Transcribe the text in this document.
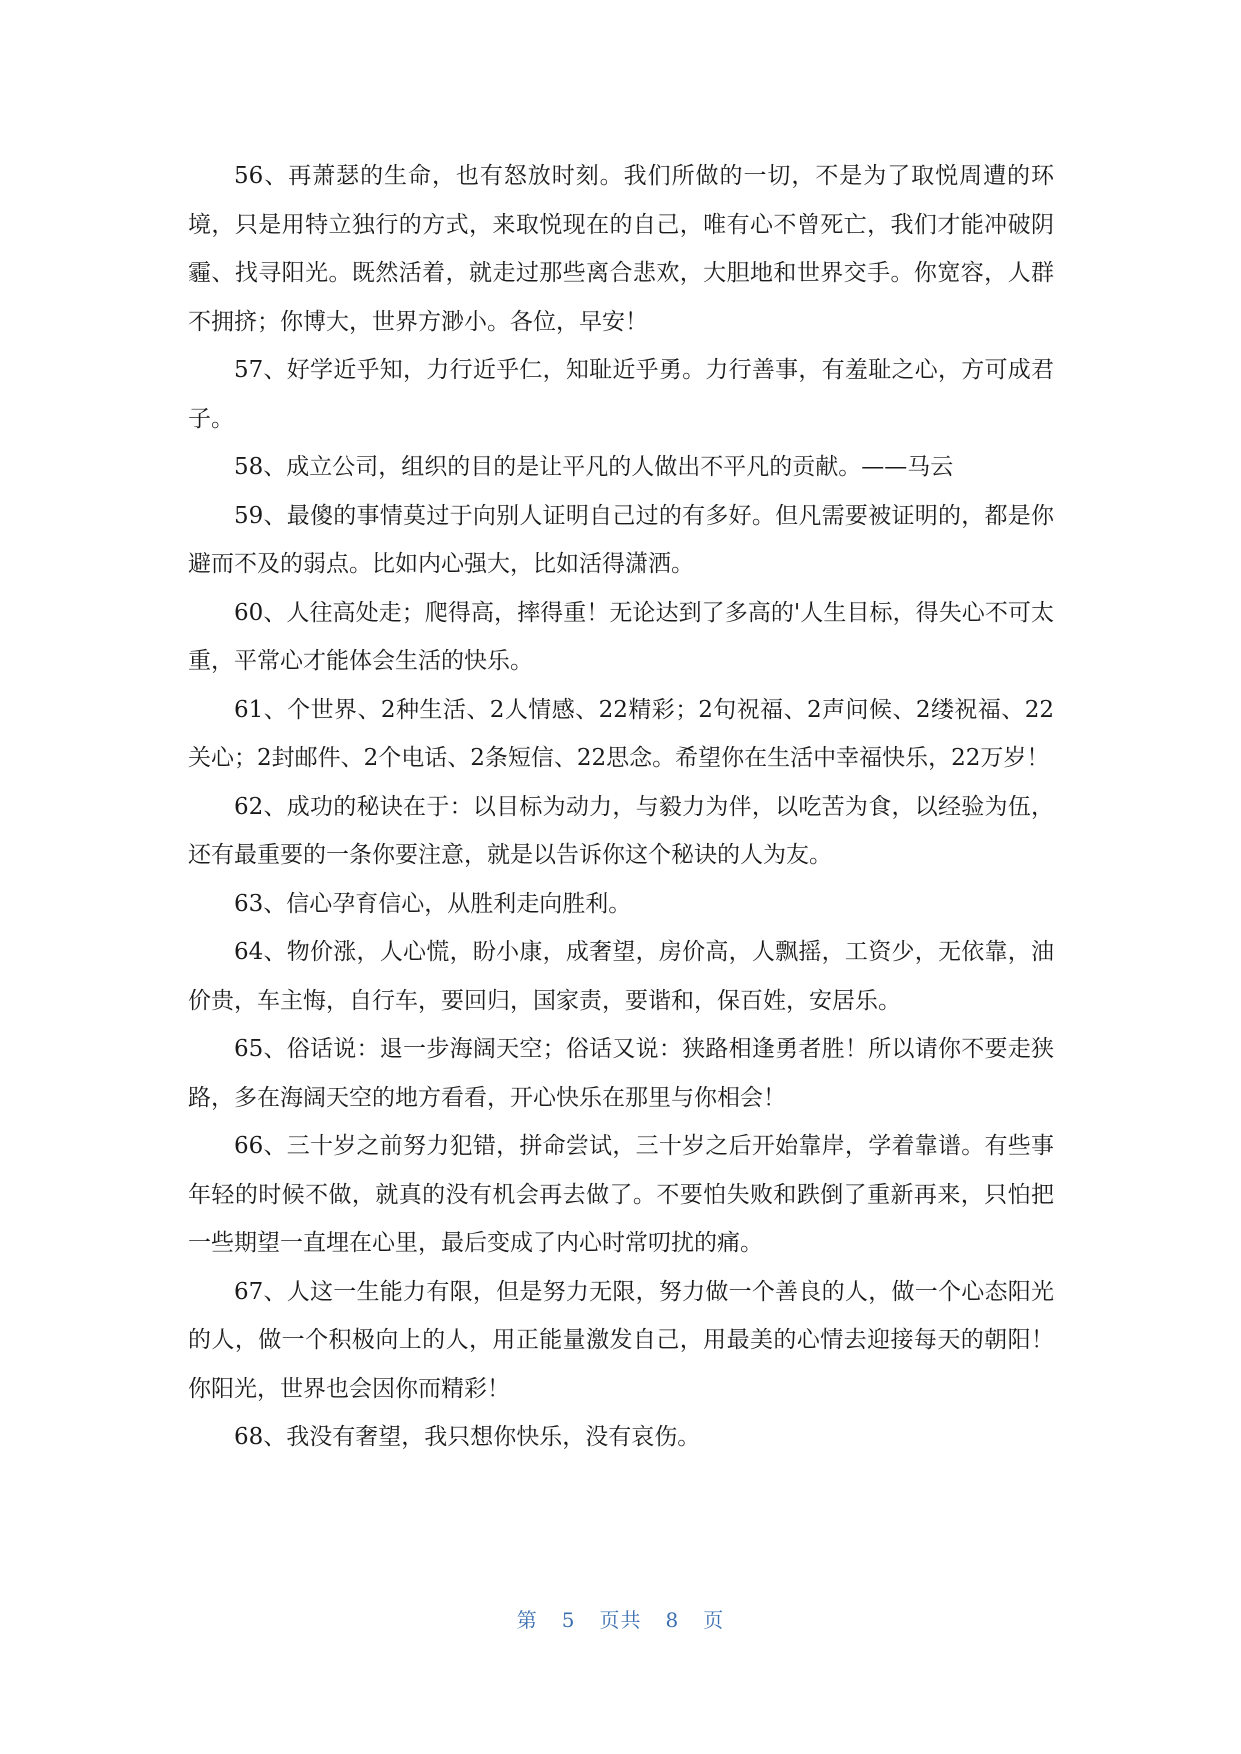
56、再萧瑟的生命，也有怒放时刻。我们所做的一切，不是为了取悦周遭的环境，只是用特立独行的方式，来取悦现在的自己，唯有心不曾死亡，我们才能冲破阴霾、找寻阳光。既然活着，就走过那些离合悲欢，大胆地和世界交手。你宽容，人群不拥挤；你博大，世界方渺小。各位，早安！

57、好学近乎知，力行近乎仁，知耻近乎勇。力行善事，有羞耻之心，方可成君子。

58、成立公司，组织的目的是让平凡的人做出不平凡的贡献。——马云

59、最傻的事情莫过于向别人证明自己过的有多好。但凡需要被证明的，都是你避而不及的弱点。比如内心强大，比如活得潇洒。

60、人往高处走；爬得高，摔得重！无论达到了多高的'人生目标，得失心不可太重，平常心才能体会生活的快乐。

61、个世界、2种生活、2人情感、22精彩；2句祝福、2声问候、2缕祝福、22关心；2封邮件、2个电话、2条短信、22思念。希望你在生活中幸福快乐，22万岁！

62、成功的秘诀在于：以目标为动力，与毅力为伴，以吃苦为食，以经验为伍，还有最重要的一条你要注意，就是以告诉你这个秘诀的人为友。

63、信心孕育信心，从胜利走向胜利。

64、物价涨，人心慌，盼小康，成奢望，房价高，人飘摇，工资少，无依靠，油价贵，车主悔，自行车，要回归，国家责，要谐和，保百姓，安居乐。

65、俗话说：退一步海阔天空；俗话又说：狭路相逢勇者胜！所以请你不要走狭路，多在海阔天空的地方看看，开心快乐在那里与你相会！

66、三十岁之前努力犯错，拼命尝试，三十岁之后开始靠岸，学着靠谱。有些事年轻的时候不做，就真的没有机会再去做了。不要怕失败和跌倒了重新再来，只怕把一些期望一直埋在心里，最后变成了内心时常叨扰的痛。

67、人这一生能力有限，但是努力无限，努力做一个善良的人，做一个心态阳光的人，做一个积极向上的人，用正能量激发自己，用最美的心情去迎接每天的朝阳！你阳光，世界也会因你而精彩！

68、我没有奢望，我只想你快乐，没有哀伤。

第 5 页共 8 页
